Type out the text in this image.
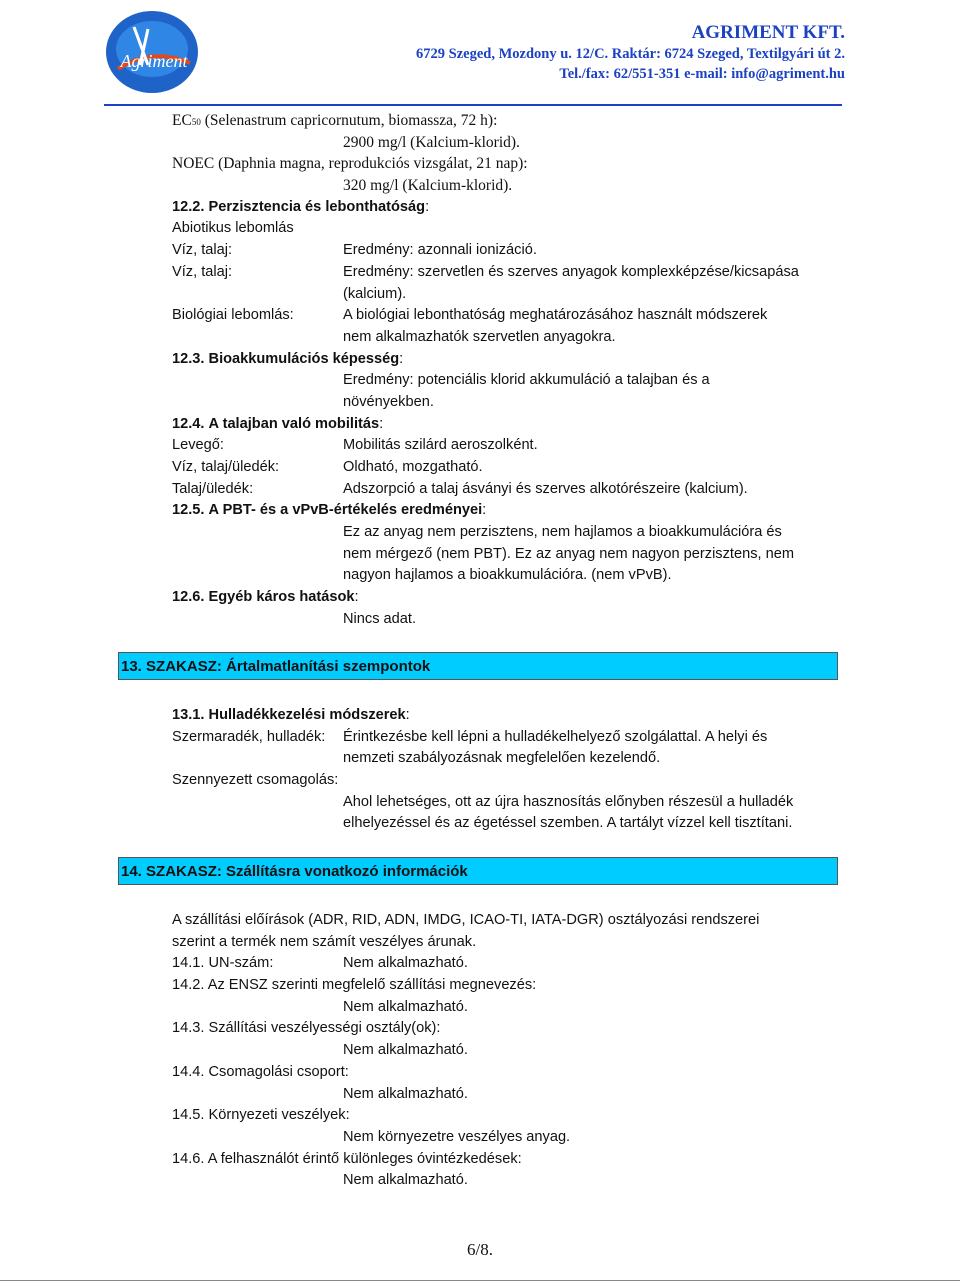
Agriment
AGRIMENT KFT.
6729 Szeged, Mozdony u. 12/C. Raktár: 6724 Szeged, Textilgyári út 2.
Tel./fax: 62/551-351 e-mail: info@agriment.hu
EC50 (Selenastrum capricornutum, biomassza, 72 h):
2900 mg/l (Kalcium-klorid).
NOEC (Daphnia magna, reprodukciós vizsgálat, 21 nap):
320 mg/l (Kalcium-klorid).
12.2. Perzisztencia és lebonthatóság:
Abiotikus lebomlás
Víz, talaj:	Eredmény: azonnali ionizáció.
Víz, talaj:	Eredmény: szervetlen és szerves anyagok komplexképzése/kicsapása
(kalcium).
Biológiai lebomlás:	A biológiai lebonthatóság meghatározásához használt módszerek
nem alkalmazhatók szervetlen anyagokra.
12.3. Bioakkumulációs képesség:
Eredmény: potenciális klorid akkumuláció a talajban és a
növényekben.
12.4. A talajban való mobilitás:
Levegő:	Mobilitás szilárd aeroszolként.
Víz, talaj/üledék:	Oldható, mozgatható.
Talaj/üledék:	Adszorpció a talaj ásványi és szerves alkotórészeire (kalcium).
12.5. A PBT- és a vPvB-értékelés eredményei:
Ez az anyag nem perzisztens, nem hajlamos a bioakkumulációra és
nem mérgező (nem PBT). Ez az anyag nem nagyon perzisztens, nem
nagyon hajlamos a bioakkumulációra. (nem vPvB).
12.6. Egyéb káros hatások:
Nincs adat.
13. SZAKASZ: Ártalmatlanítási szempontok
13.1. Hulladékkezelési módszerek:
Szermaradék, hulladék: Érintkezésbe kell lépni a hulladékelhelyező szolgálattal. A helyi és
nemzeti szabályozásnak megfelelően kezelendő.
Szennyezett csomagolás:
Ahol lehetséges, ott az újra hasznosítás előnyben részesül a hulladék
elhelyezéssel és az égetéssel szemben. A tartályt vízzel kell tisztítani.
14. SZAKASZ: Szállításra vonatkozó információk
A szállítási előírások (ADR, RID, ADN, IMDG, ICAO-TI, IATA-DGR) osztályozási rendszerei
szerint a termék nem számít veszélyes árunak.
14.1. UN-szám:	Nem alkalmazható.
14.2. Az ENSZ szerinti megfelelő szállítási megnevezés:
Nem alkalmazható.
14.3. Szállítási veszélyességi osztály(ok):
Nem alkalmazható.
14.4. Csomagolási csoport:
Nem alkalmazható.
14.5. Környezeti veszélyek:
Nem környezetre veszélyes anyag.
14.6. A felhasználót érintő különleges óvintézkedések:
Nem alkalmazható.
6/8.
